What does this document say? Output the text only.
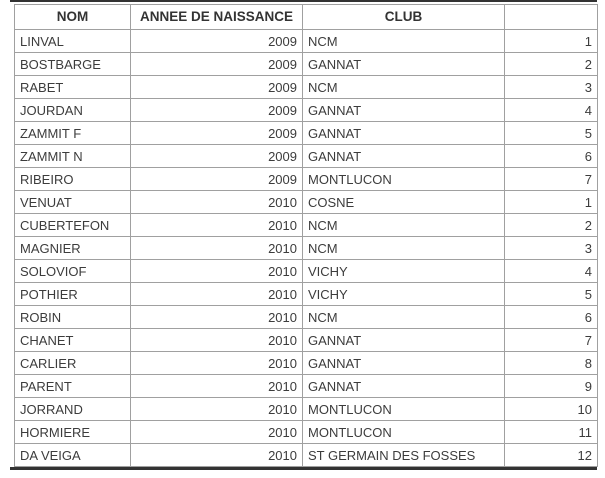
NOM	ANNEE DE NAISSANCE	CLUB	
LINVAL	2009	NCM	1
BOSTBARGE	2009	GANNAT	2
RABET	2009	NCM	3
JOURDAN	2009	GANNAT	4
ZAMMIT F	2009	GANNAT	5
ZAMMIT N	2009	GANNAT	6
RIBEIRO	2009	MONTLUCON	7
VENUAT	2010	COSNE	1
CUBERTEFON	2010	NCM	2
MAGNIER	2010	NCM	3
SOLOVIOF	2010	VICHY	4
POTHIER	2010	VICHY	5
ROBIN	2010	NCM	6
CHANET	2010	GANNAT	7
CARLIER	2010	GANNAT	8
PARENT	2010	GANNAT	9
JORRAND	2010	MONTLUCON	10
HORMIERE	2010	MONTLUCON	11
DA VEIGA	2010	ST GERMAIN DES FOSSES	12
